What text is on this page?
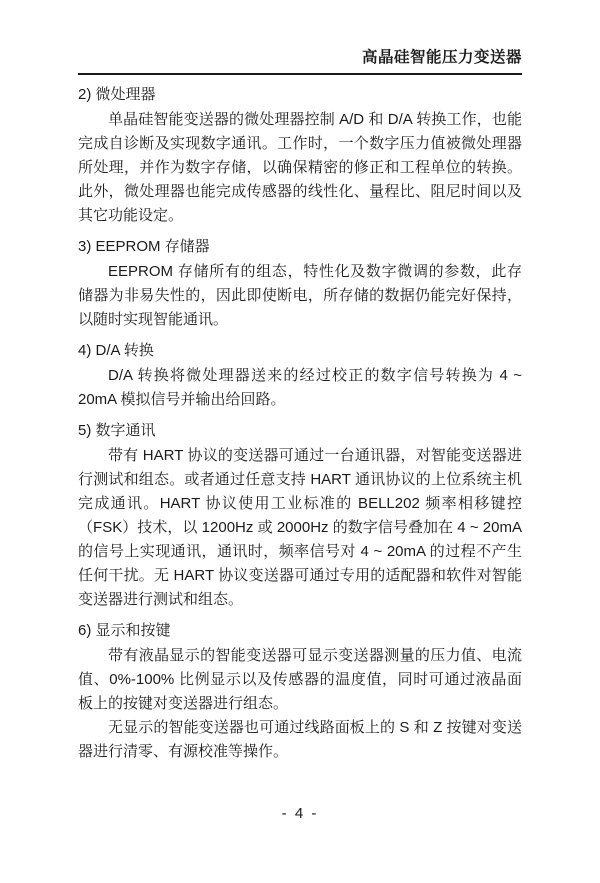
高晶硅智能压力变送器
2) 微处理器

单晶硅智能变送器的微处理器控制 A/D 和 D/A 转换工作，也能完成自诊断及实现数字通讯。工作时，一个数字压力值被微处理器所处理，并作为数字存储，以确保精密的修正和工程单位的转换。此外，微处理器也能完成传感器的线性化、量程比、阻尼时间以及其它功能设定。

3) EEPROM 存储器

EEPROM 存储所有的组态，特性化及数字微调的参数，此存储器为非易失性的，因此即使断电，所存储的数据仍能完好保持，以随时实现智能通讯。

4) D/A 转换

D/A 转换将微处理器送来的经过校正的数字信号转换为 4 ~ 20mA 模拟信号并输出给回路。

5) 数字通讯

带有 HART 协议的变送器可通过一台通讯器，对智能变送器进行测试和组态。或者通过任意支持 HART 通讯协议的上位系统主机完成通讯。HART 协议使用工业标准的 BELL202 频率相移键控（FSK）技术，以 1200Hz 或 2000Hz 的数字信号叠加在 4 ~ 20mA 的信号上实现通讯，通讯时，频率信号对 4 ~ 20mA 的过程不产生任何干扰。无 HART 协议变送器可通过专用的适配器和软件对智能变送器进行测试和组态。

6) 显示和按键

带有液晶显示的智能变送器可显示变送器测量的压力值、电流值、0%-100% 比例显示以及传感器的温度值，同时可通过液晶面板上的按键对变送器进行组态。

无显示的智能变送器也可通过线路面板上的 S 和 Z 按键对变送器进行清零、有源校准等操作。

- 4 -
